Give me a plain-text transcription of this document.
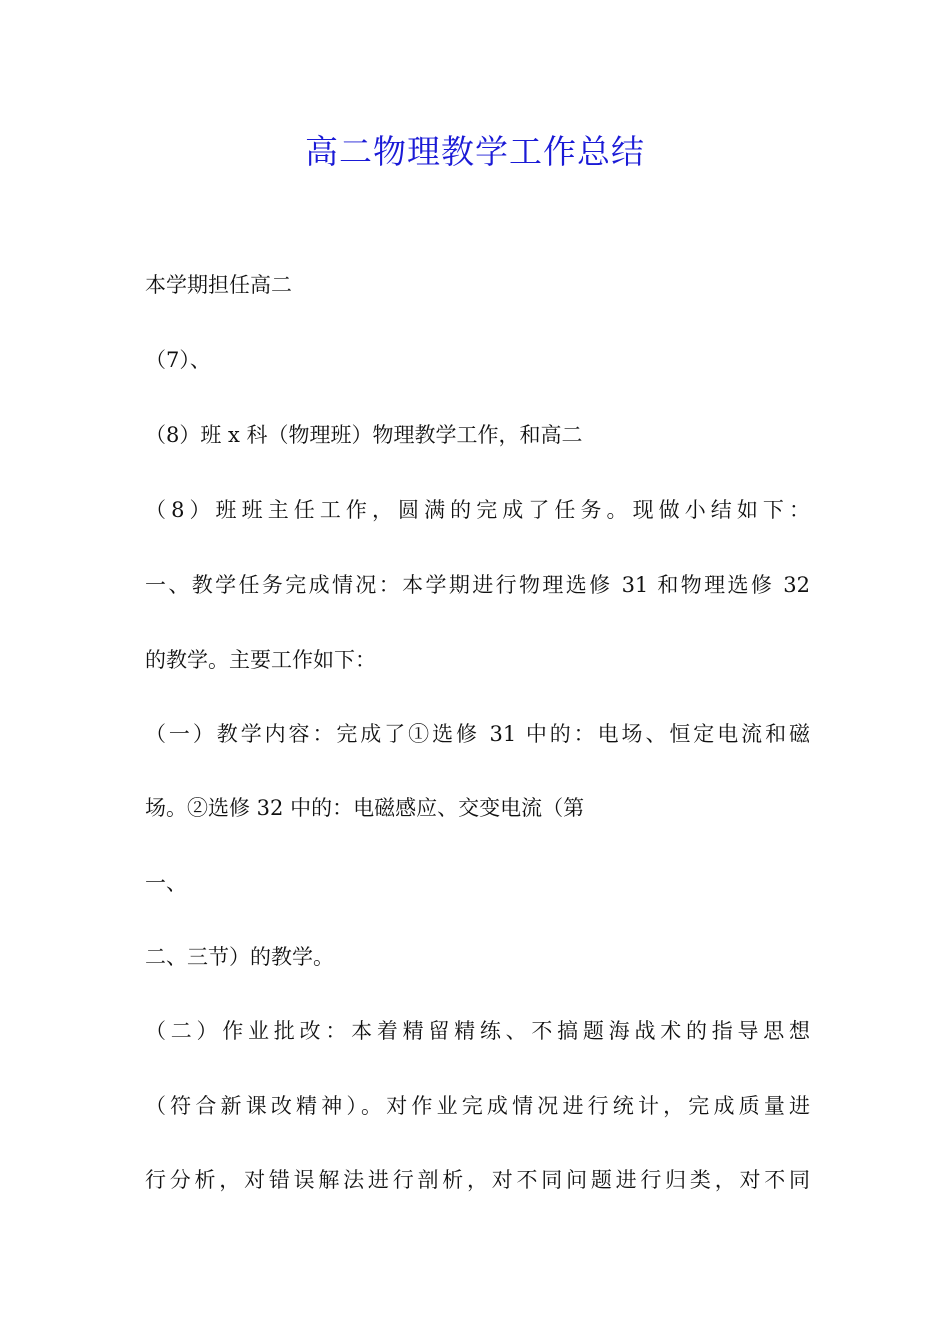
高二物理教学工作总结

本学期担任高二

（7）、

（8）班 x 科（物理班）物理教学工作，和高二

（8）班班主任工作，圆满的完成了任务。现做小结如下：

一、教学任务完成情况：本学期进行物理选修 31 和物理选修 32

的教学。主要工作如下：

（一）教学内容：完成了①选修 31 中的：电场、恒定电流和磁

场。②选修 32 中的：电磁感应、交变电流（第

一、

二、三节）的教学。

（二）作业批改：本着精留精练、不搞题海战术的指导思想

（符合新课改精神）。对作业完成情况进行统计，完成质量进

行分析，对错误解法进行剖析，对不同问题进行归类，对不同
